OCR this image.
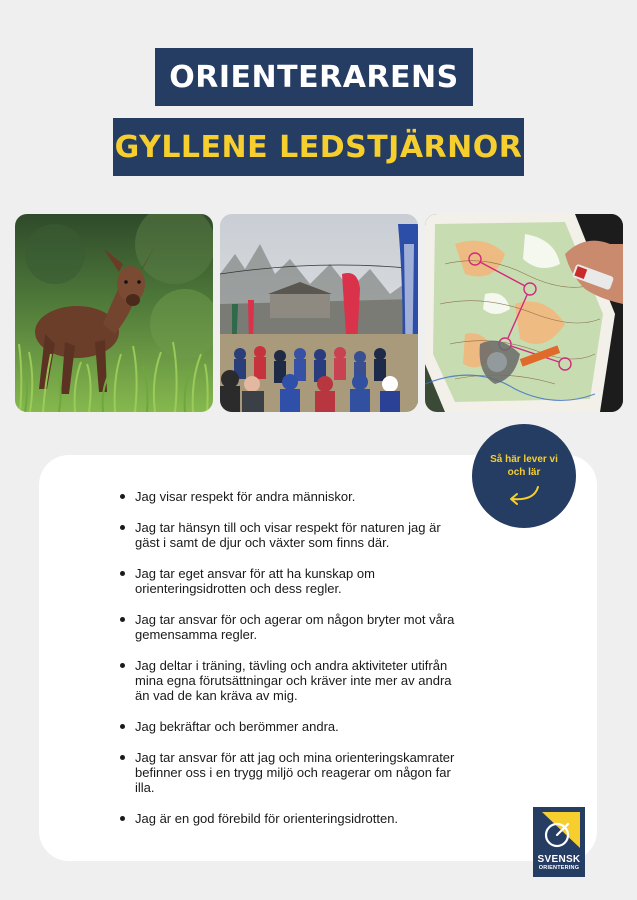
ORIENTERARENS
GYLLENE LEDSTJÄRNOR
Jag visar respekt för andra människor.
Jag tar hänsyn till och visar respekt för naturen jag är gäst i samt de djur och växter som finns där.
Jag tar eget ansvar för att ha kunskap om orienteringsidrotten och dess regler.
Jag tar ansvar för och agerar om någon bryter mot våra gemensamma regler.
Jag deltar i träning, tävling och andra aktiviteter utifrån mina egna förutsättningar och kräver inte mer av andra än vad de kan kräva av mig.
Jag bekräftar och berömmer andra.
Jag tar ansvar för att jag och mina orienteringskamrater befinner oss i en trygg miljö och reagerar om någon far illa.
Jag är en god förebild för orienteringsidrotten.
Så här lever vi och lär
SVENSK
ORIENTERING
